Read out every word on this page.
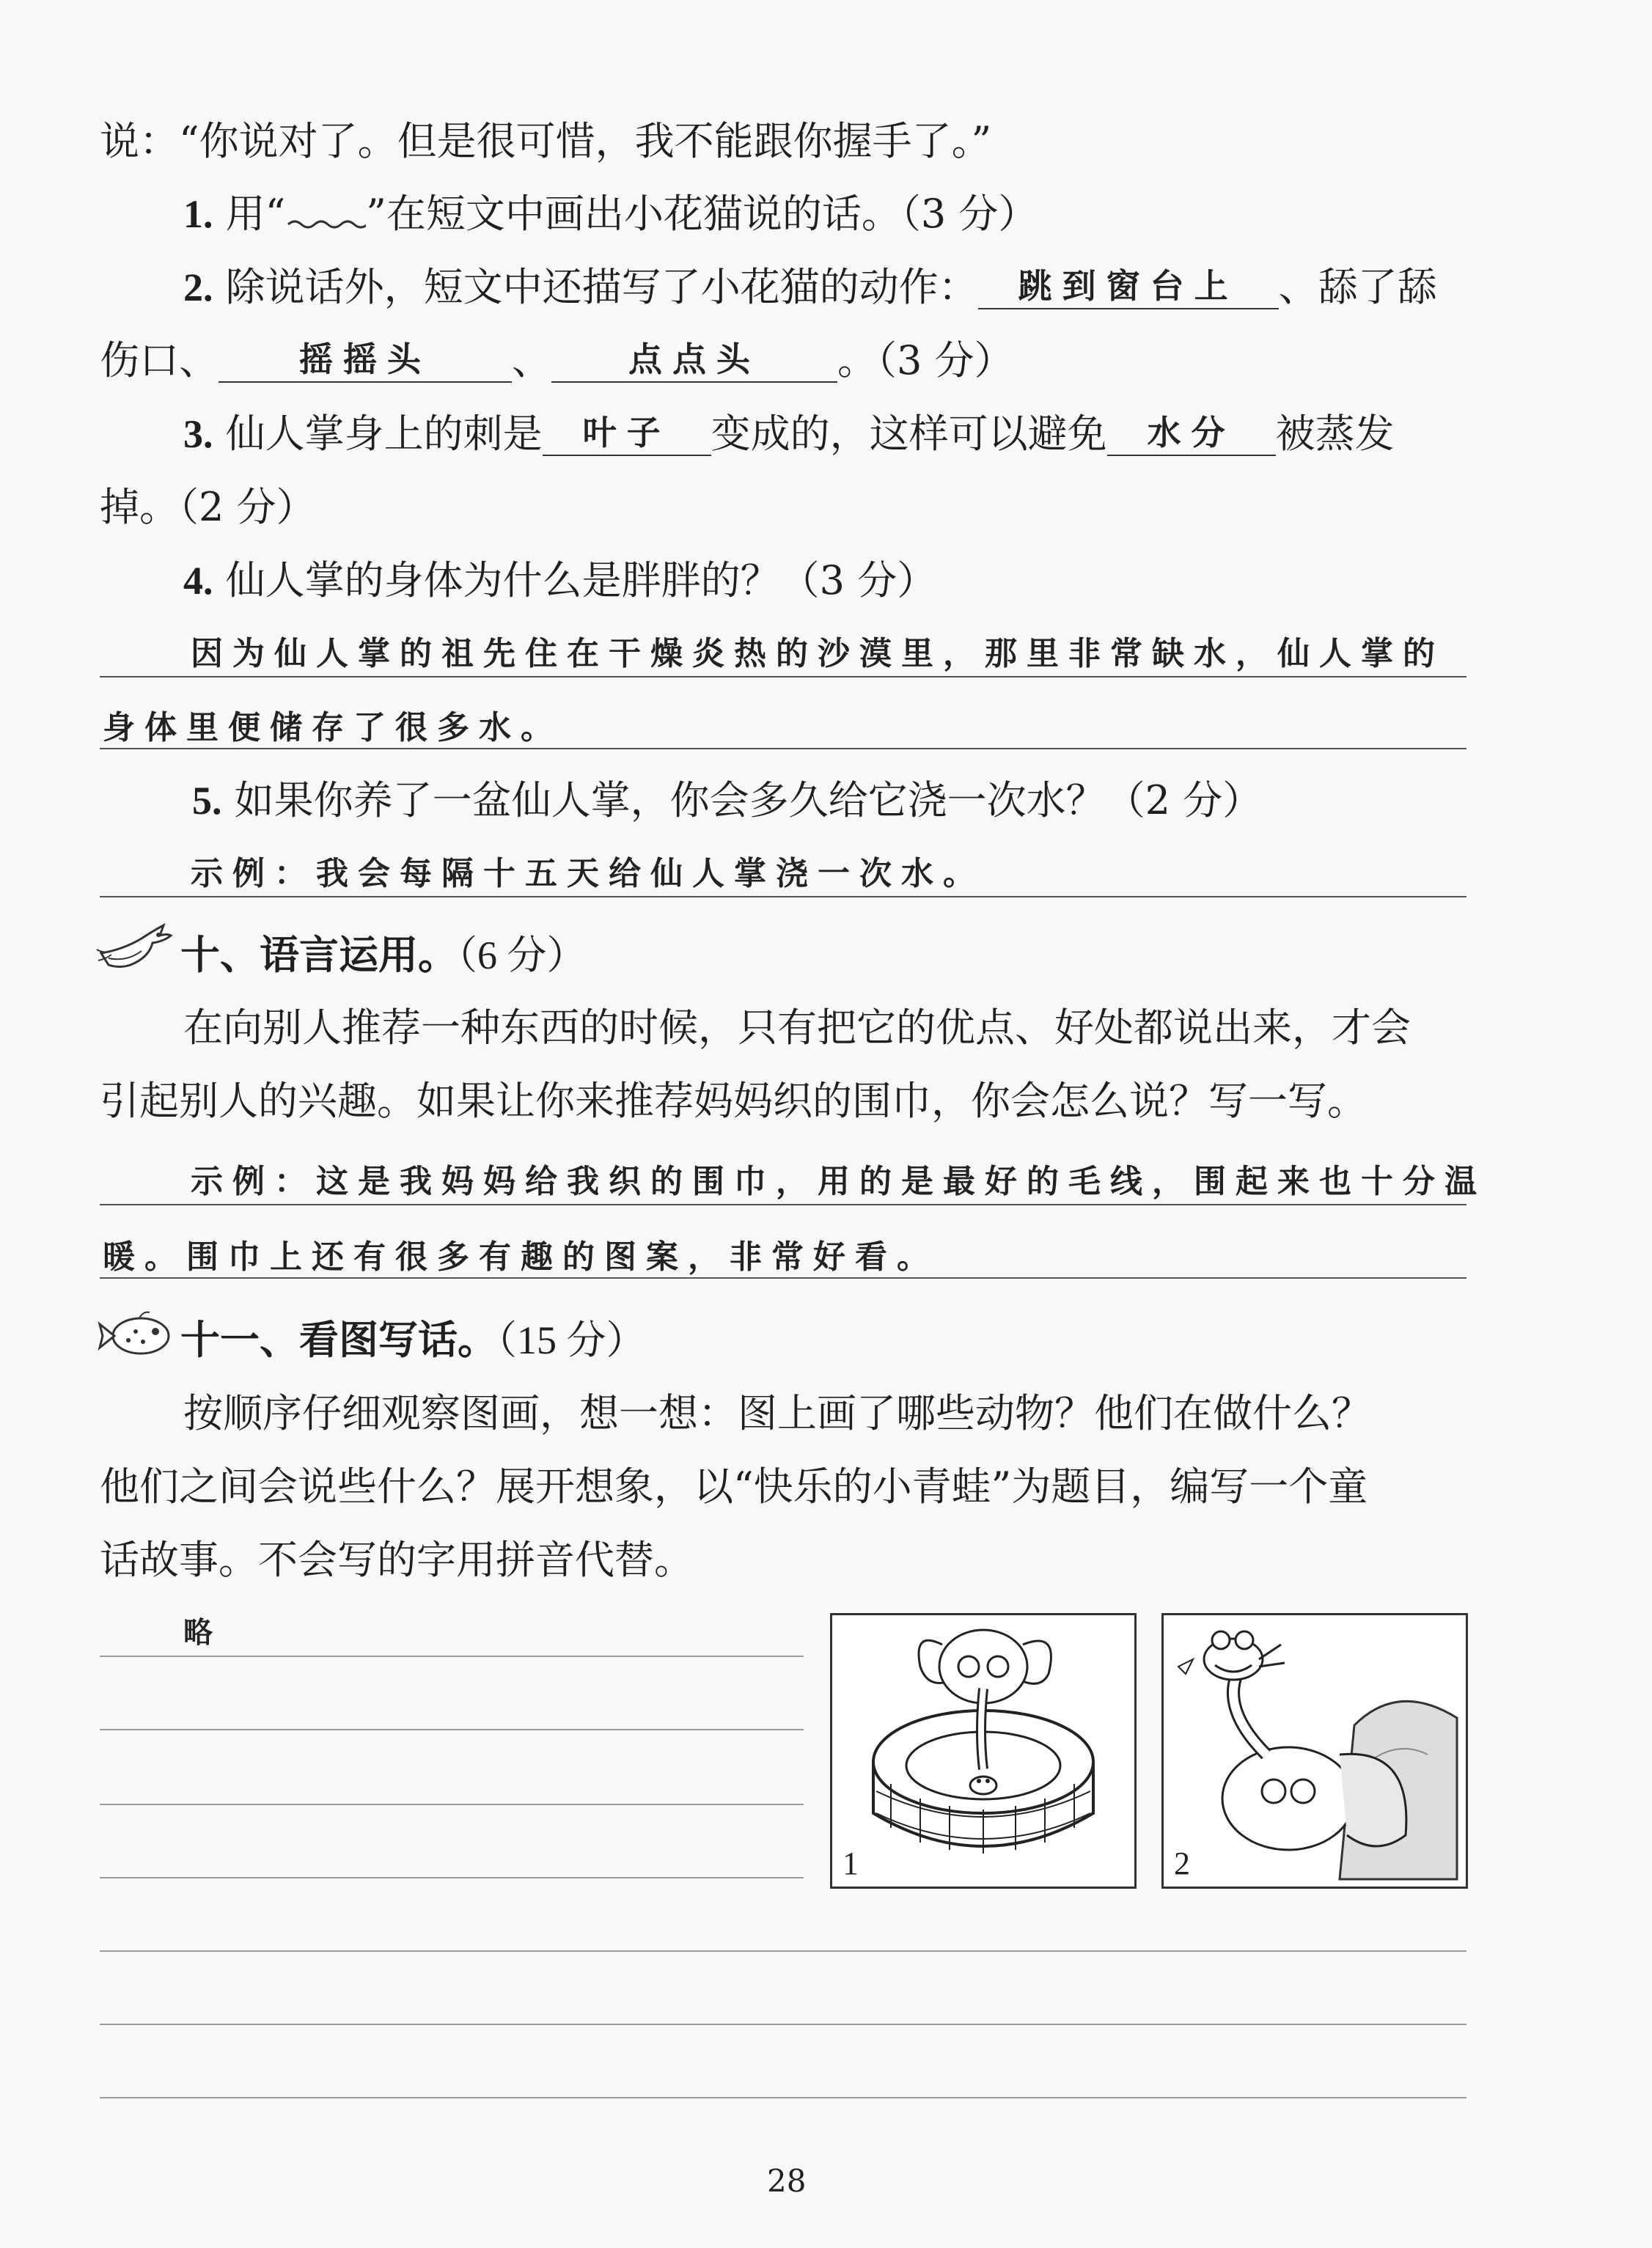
说：“你说对了。但是很可惜，我不能跟你握手了。”
1. 用“ ”在短文中画出小花猫说的话。（3 分）
2. 除说话外，短文中还描写了小花猫的动作： 跳到窗台上 、舔了舔
伤口、 摇摇头 、 点点头 。（3 分）
3. 仙人掌身上的刺是 叶子 变成的，这样可以避免 水分 被蒸发
掉。（2 分）
4. 仙人掌的身体为什么是胖胖的？（3 分）
因为仙人掌的祖先住在干燥炎热的沙漠里，那里非常缺水，仙人掌的
身体里便储存了很多水。
5. 如果你养了一盆仙人掌，你会多久给它浇一次水？（2 分）
示例：我会每隔十五天给仙人掌浇一次水。
十、语言运用。（6 分）
在向别人推荐一种东西的时候，只有把它的优点、好处都说出来，才会
引起别人的兴趣。如果让你来推荐妈妈织的围巾，你会怎么说？写一写。
示例：这是我妈妈给我织的围巾，用的是最好的毛线，围起来也十分温
暖。围巾上还有很多有趣的图案，非常好看。
十一、看图写话。（15 分）
按顺序仔细观察图画，想一想：图上画了哪些动物？他们在做什么？
他们之间会说些什么？展开想象，以“快乐的小青蛙”为题目，编写一个童
话故事。不会写的字用拼音代替。
略
1	2
28
